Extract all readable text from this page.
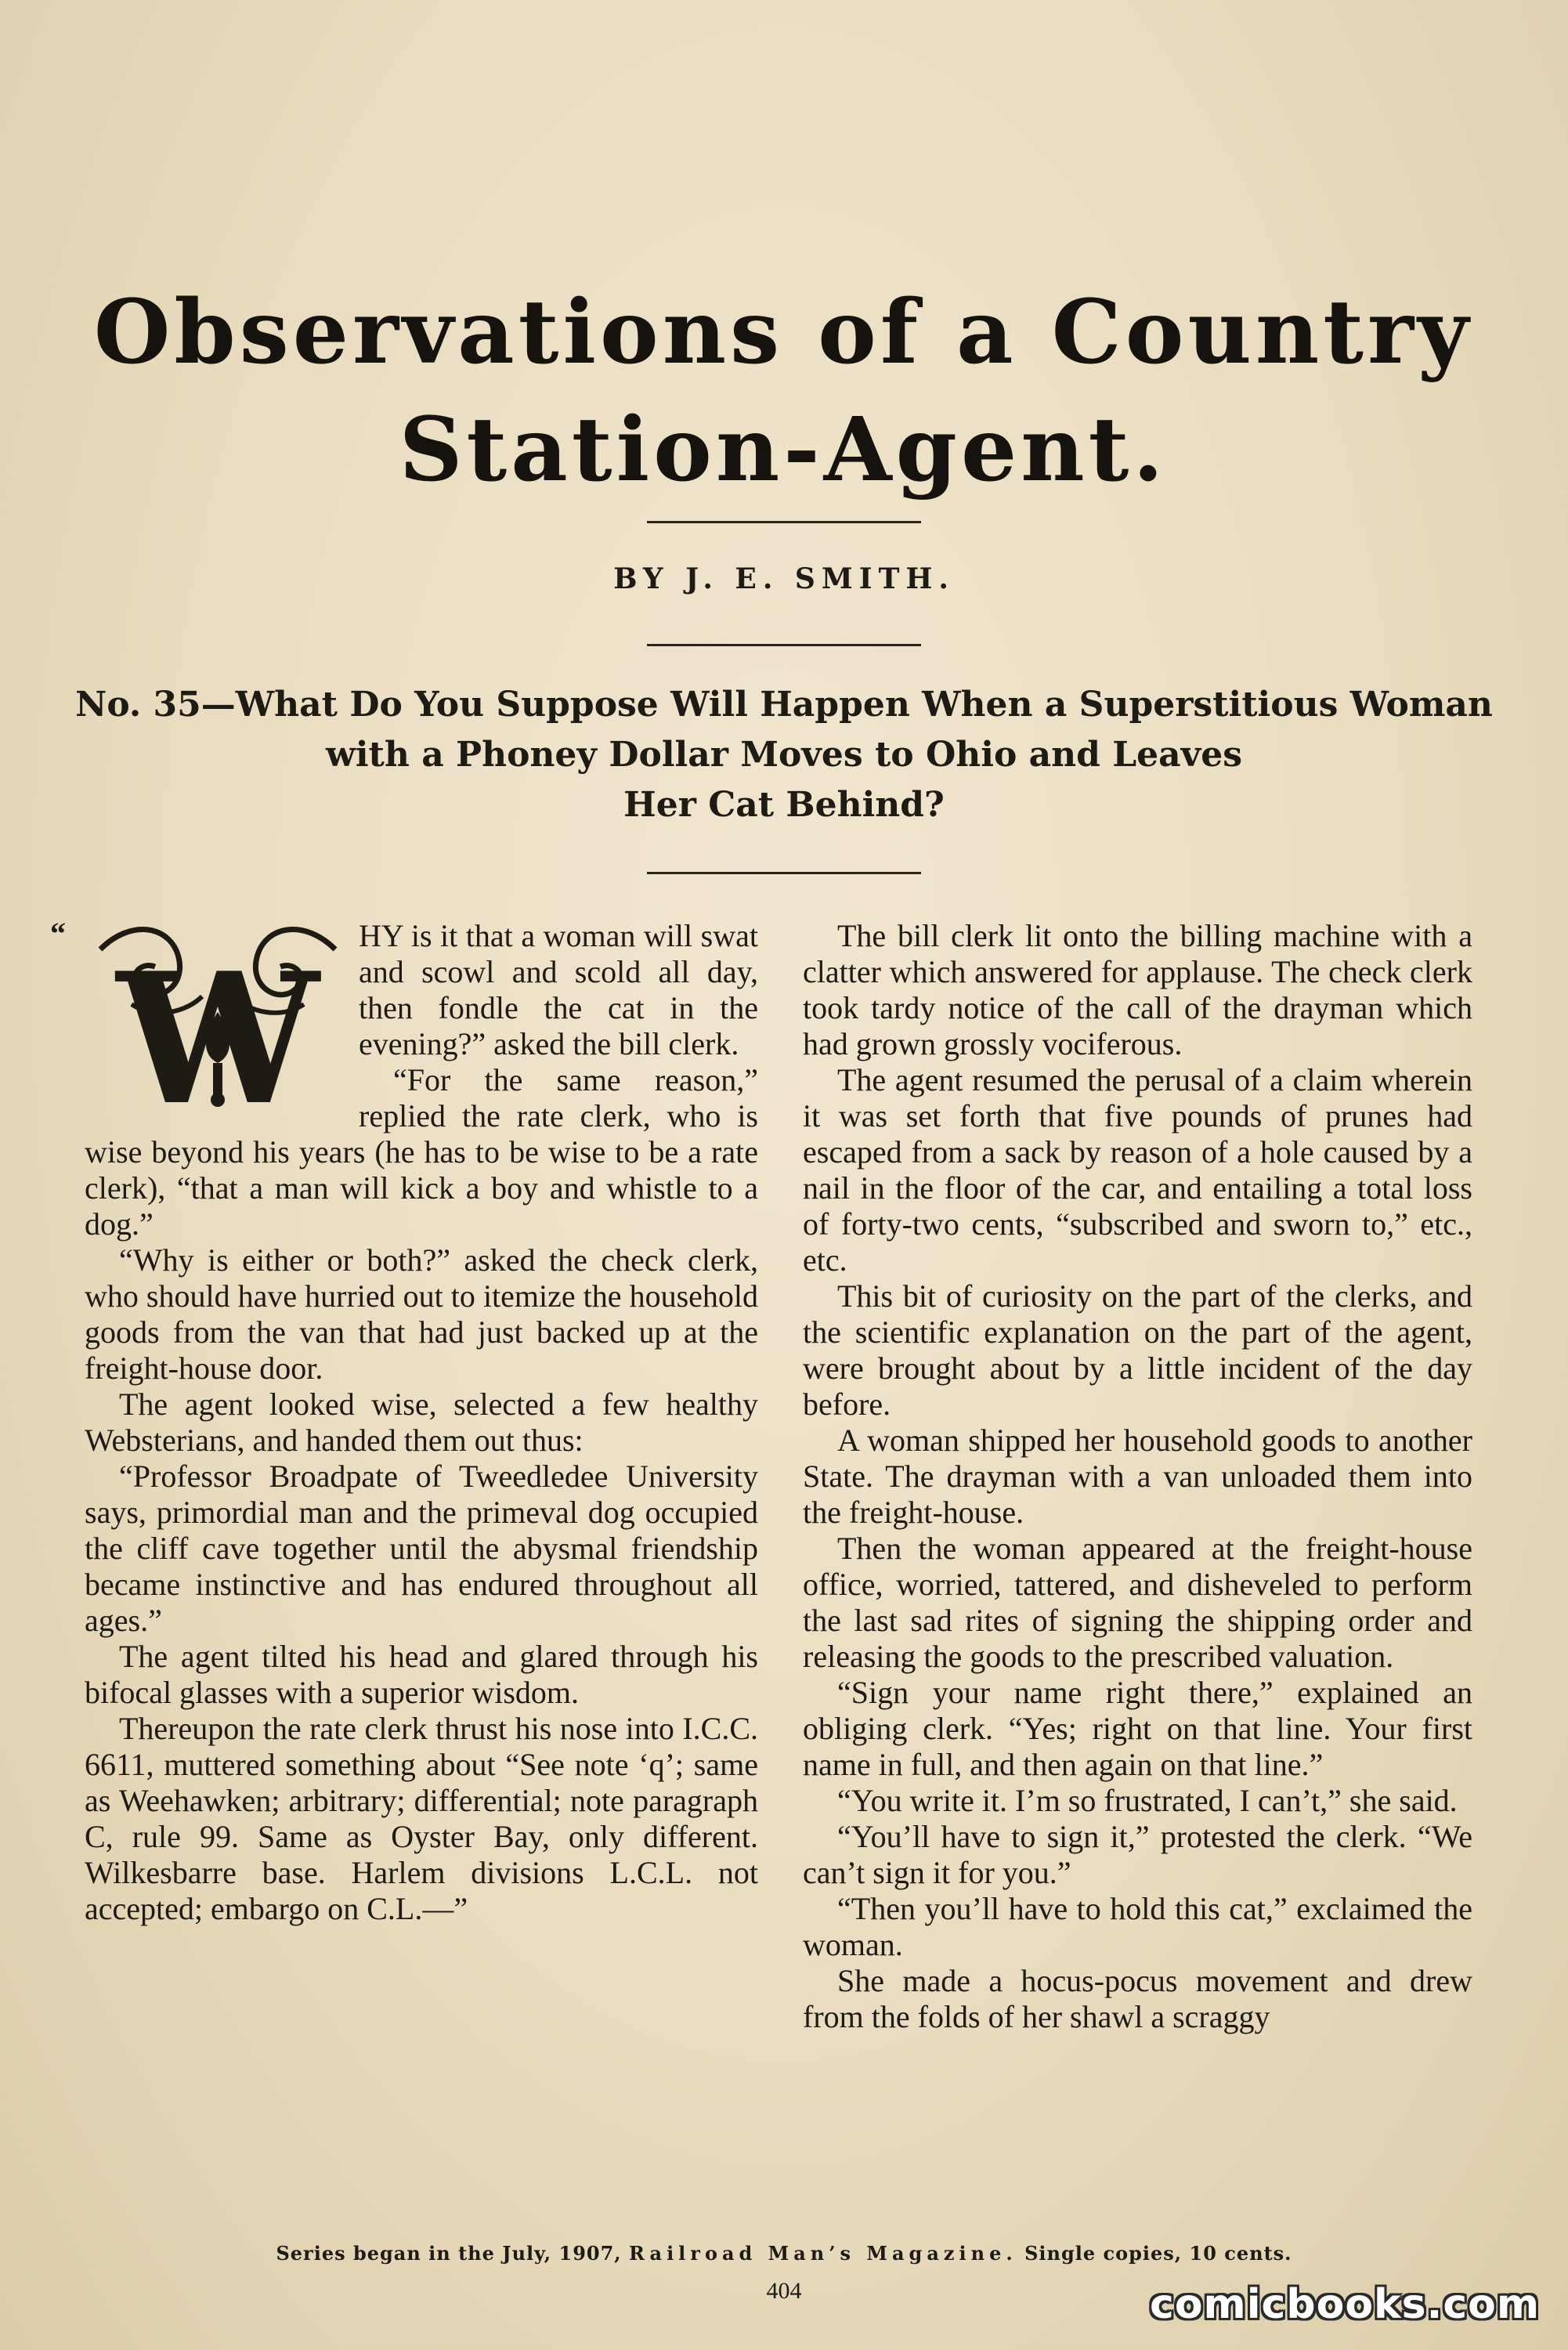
Observations of a Country
Station-Agent.
BY J. E. SMITH.
No. 35—What Do You Suppose Will Happen When a Superstitious Woman
with a Phoney Dollar Moves to Ohio and Leaves
Her Cat Behind?
“
W	HY is it that a woman will swat and scowl and scold all day, then fondle the cat in the evening?” asked the bill clerk.

“For the same reason,” replied the rate clerk, who is wise beyond his years (he has to be wise to be a rate clerk), “that a man will kick a boy and whistle to a dog.”

“Why is either or both?” asked the check clerk, who should have hurried out to itemize the household goods from the van that had just backed up at the freight-house door.

The agent looked wise, selected a few healthy Websterians, and handed them out thus:

“Professor Broadpate of Tweedledee University says, primordial man and the primeval dog occupied the cliff cave together until the abysmal friendship became instinctive and has endured throughout all ages.”

The agent tilted his head and glared through his bifocal glasses with a superior wisdom.

Thereupon the rate clerk thrust his nose into I.C.C. 6611, muttered something about “See note ‘q’; same as Weehawken; arbitrary; differential; note paragraph C, rule 99. Same as Oyster Bay, only different. Wilkesbarre base. Harlem divisions L.C.L. not accepted; embargo on C.L.—”

The bill clerk lit onto the billing machine with a clatter which answered for applause. The check clerk took tardy notice of the call of the drayman which had grown grossly vociferous.

The agent resumed the perusal of a claim wherein it was set forth that five pounds of prunes had escaped from a sack by reason of a hole caused by a nail in the floor of the car, and entailing a total loss of forty-two cents, “subscribed and sworn to,” etc., etc.

This bit of curiosity on the part of the clerks, and the scientific explanation on the part of the agent, were brought about by a little incident of the day before.

A woman shipped her household goods to another State. The drayman with a van unloaded them into the freight-house.

Then the woman appeared at the freight-house office, worried, tattered, and disheveled to perform the last sad rites of signing the shipping order and releasing the goods to the prescribed valuation.

“Sign your name right there,” explained an obliging clerk. “Yes; right on that line. Your first name in full, and then again on that line.”

“You write it. I’m so frustrated, I can’t,” she said.

“You’ll have to sign it,” protested the clerk. “We can’t sign it for you.”

“Then you’ll have to hold this cat,” exclaimed the woman.

She made a hocus-pocus movement and drew from the folds of her shawl a scraggy

Series began in the July, 1907, Railroad Man’s Magazine. Single copies, 10 cents.
404	comicbooks.com
